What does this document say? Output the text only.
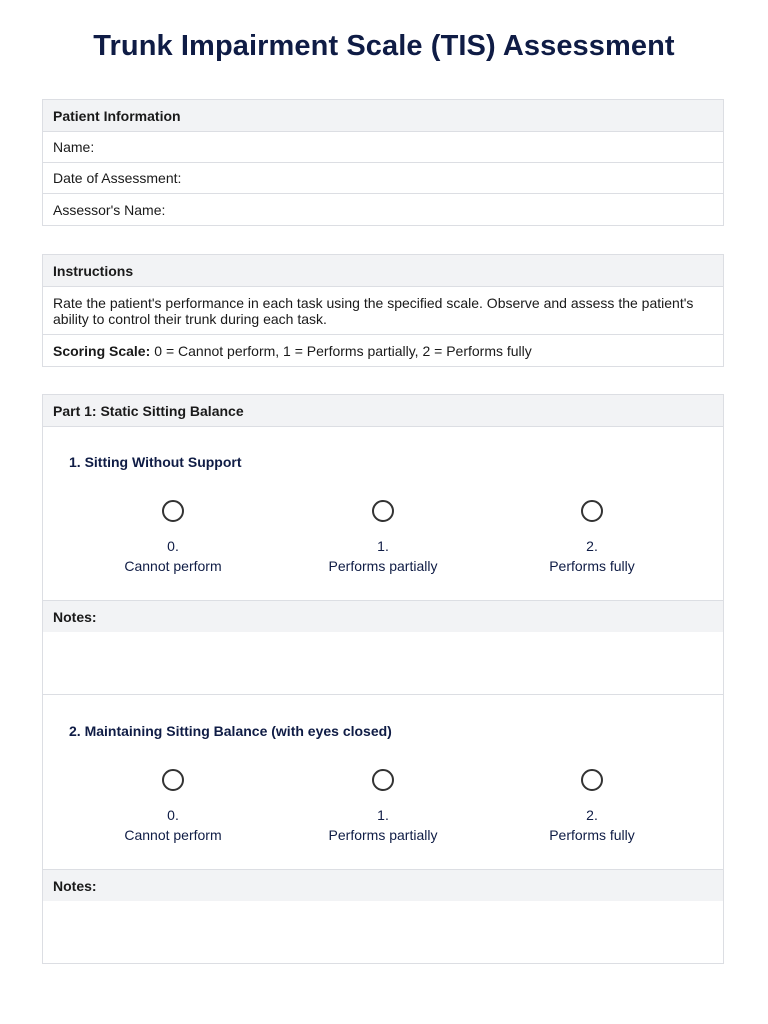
Trunk Impairment Scale (TIS) Assessment
Patient Information
Name:
Date of Assessment:
Assessor's Name:
Instructions
Rate the patient's performance in each task using the specified scale. Observe and assess the patient's ability to control their trunk during each task.
Scoring Scale: 0 = Cannot perform, 1 = Performs partially, 2 = Performs fully
Part 1: Static Sitting Balance
1. Sitting Without Support
0.
Cannot perform
1.
Performs partially
2.
Performs fully
Notes:
2. Maintaining Sitting Balance (with eyes closed)
0.
Cannot perform
1.
Performs partially
2.
Performs fully
Notes:
